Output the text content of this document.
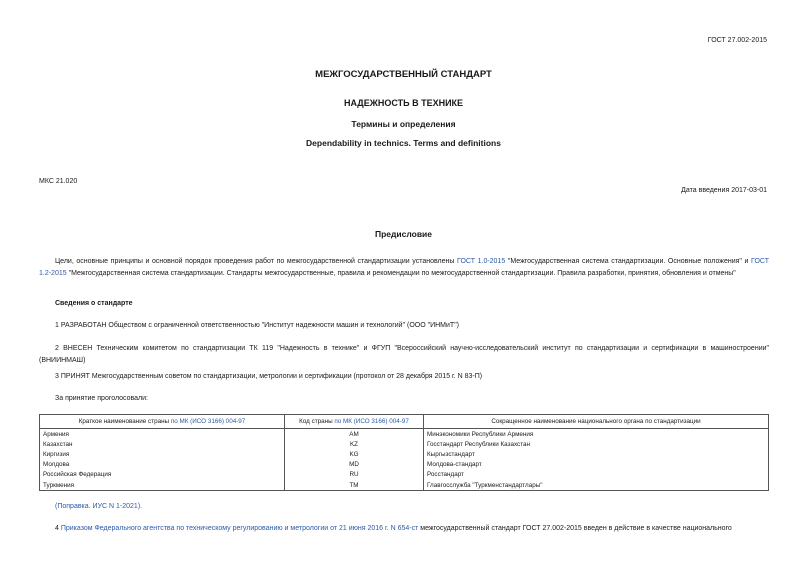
ГОСТ 27.002-2015
МЕЖГОСУДАРСТВЕННЫЙ СТАНДАРТ
НАДЕЖНОСТЬ В ТЕХНИКЕ
Термины и определения
Dependability in technics. Terms and definitions
МКС 21.020
Дата введения 2017-03-01
Предисловие
Цели, основные принципы и основной порядок проведения работ по межгосударственной стандартизации установлены ГОСТ 1.0-2015 "Межгосударственная система стандартизации. Основные положения" и ГОСТ 1.2-2015 "Межгосударственная система стандартизации. Стандарты межгосударственные, правила и рекомендации по межгосударственной стандартизации. Правила разработки, принятия, обновления и отмены"
Сведения о стандарте
1 РАЗРАБОТАН Обществом с ограниченной ответственностью "Институт надежности машин и технологий" (ООО "ИНМиТ")
2 ВНЕСЕН Техническим комитетом по стандартизации ТК 119 "Надежность в технике" и ФГУП "Всероссийский научно-исследовательский институт по стандартизации и сертификации в машиностроении" (ВНИИНМАШ)
3 ПРИНЯТ Межгосударственным советом по стандартизации, метрологии и сертификации (протокол от 28 декабря 2015 г. N 83-П)
За принятие проголосовали:
Краткое наименование страны по МК (ИСО 3166) 004-97	Код страны по МК (ИСО 3166) 004-97	Сокращенное наименование национального органа по стандартизации
Армения	AM	Минэкономики Республики Армения
Казахстан	KZ	Госстандарт Республики Казахстан
Киргизия	KG	Кыргызстандарт
Молдова	MD	Молдова-стандарт
Российская Федерация	RU	Росстандарт
Туркмения	TM	Главгосслужба "Туркменстандартлары"
(Поправка. ИУС N 1-2021).
4 Приказом Федерального агентства по техническому регулированию и метрологии от 21 июня 2016 г. N 654-ст межгосударственный стандарт ГОСТ 27.002-2015 введен в действие в качестве национального
